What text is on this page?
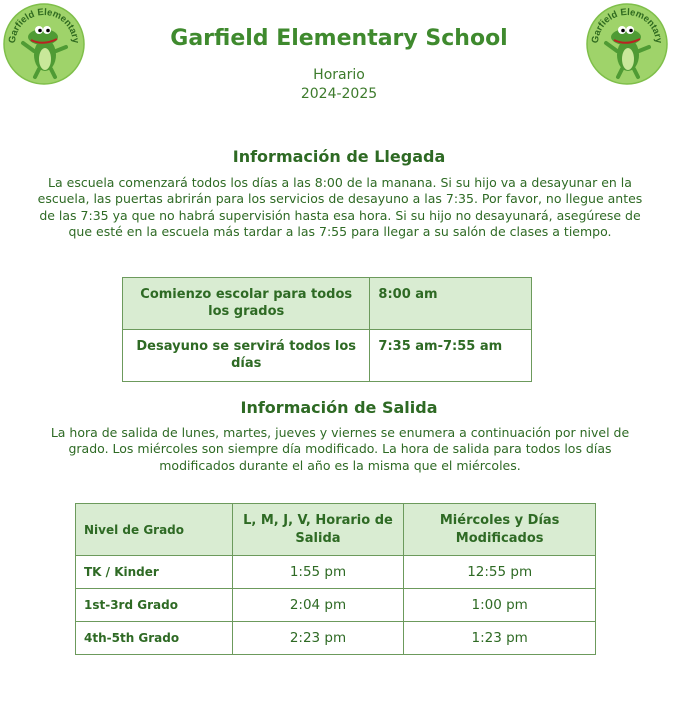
Garfield Elementary	Garfield Elementary
Garfield Elementary School
Horario
2024-2025
Información de Llegada
La escuela comenzará todos los días a las 8:00 de la manana. Si su hijo va a desayunar en la escuela, las puertas abrirán para los servicios de desayuno a las 7:35. Por favor, no llegue antes de las 7:35 ya que no habrá supervisión hasta esa hora. Si su hijo no desayunará, asegúrese de que esté en la escuela más tardar a las 7:55 para llegar a su salón de clases a tiempo.
Comienzo escolar para todos los grados	8:00 am
Desayuno se servirá todos los días	7:35 am-7:55 am
Información de Salida
La hora de salida de lunes, martes, jueves y viernes se enumera a continuación por nivel de grado. Los miércoles son siempre día modificado. La hora de salida para todos los días modificados durante el año es la misma que el miércoles.
Nivel de Grado	L, M, J, V, Horario de Salida	Miércoles y Días Modificados
TK / Kinder	1:55 pm	12:55 pm
1st-3rd Grado	2:04 pm	1:00 pm
4th-5th Grado	2:23 pm	1:23 pm
